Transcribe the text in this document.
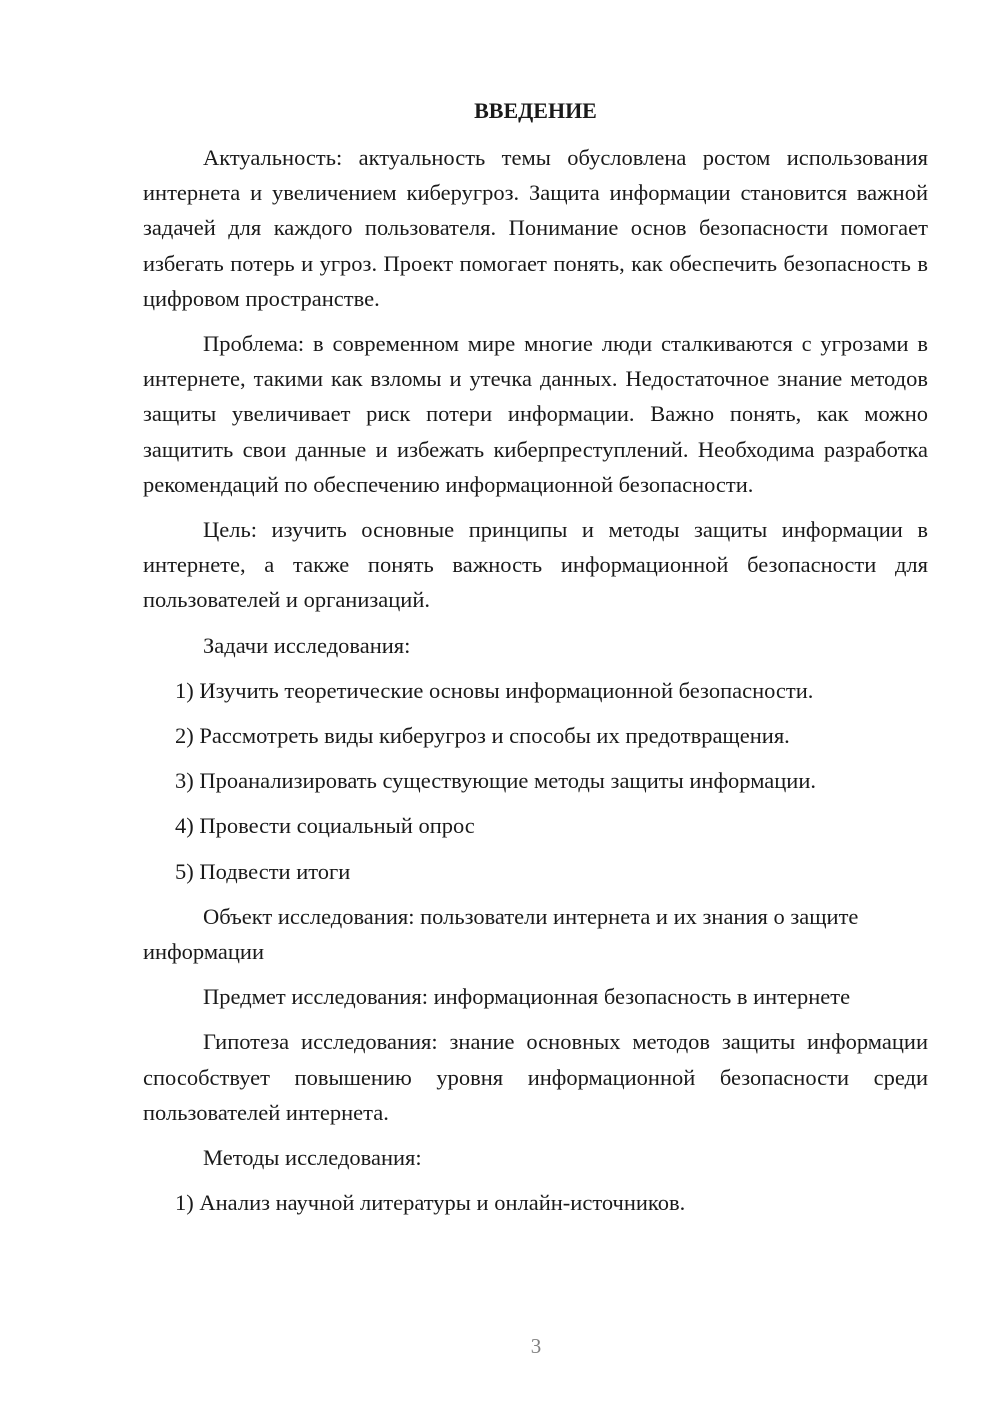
ВВЕДЕНИЕ

Актуальность: актуальность темы обусловлена ростом использования интернета и увеличением киберугроз. Защита информации становится важной задачей для каждого пользователя. Понимание основ безопасности помогает избегать потерь и угроз. Проект помогает понять, как обеспечить безопасность в цифровом пространстве.

Проблема: в современном мире многие люди сталкиваются с угрозами в интернете, такими как взломы и утечка данных. Недостаточное знание методов защиты увеличивает риск потери информации. Важно понять, как можно защитить свои данные и избежать киберпреступлений. Необходима разработка рекомендаций по обеспечению информационной безопасности.

Цель: изучить основные принципы и методы защиты информации в интернете, а также понять важность информационной безопасности для пользователей и организаций.

Задачи исследования:

1) Изучить теоретические основы информационной безопасности.
2) Рассмотреть виды киберугроз и способы их предотвращения.
3) Проанализировать существующие методы защиты информации.
4) Провести социальный опрос
5) Подвести итоги

Объект исследования: пользователи интернета и их знания о защите информации

Предмет исследования: информационная безопасность в интернете

Гипотеза исследования: знание основных методов защиты информации способствует повышению уровня информационной безопасности среди пользователей интернета.

Методы исследования:

1) Анализ научной литературы и онлайн-источников.
3
